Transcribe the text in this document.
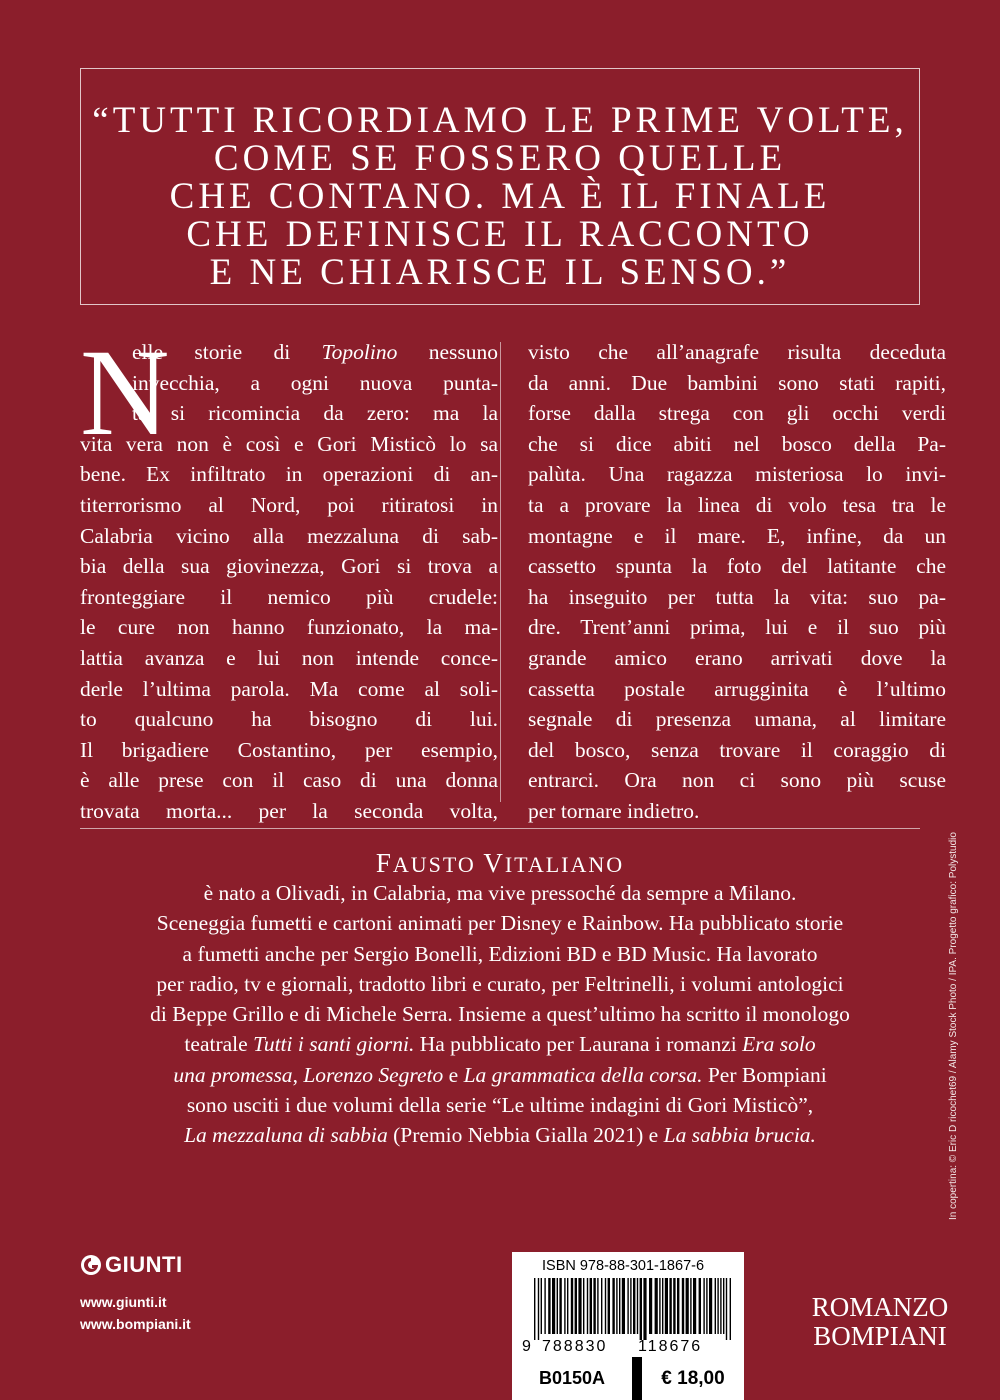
“TUTTI RICORDIAMO LE PRIME VOLTE,
COME SE FOSSERO QUELLE
CHE CONTANO. MA È IL FINALE
CHE DEFINISCE IL RACCONTO
E NE CHIARISCE IL SENSO.”
N
elle storie di Topolino nessuno
invecchia, a ogni nuova punta-
ta si ricomincia da zero: ma la
vita vera non è così e Gori Misticò lo sa
bene. Ex infiltrato in operazioni di an-
titerrorismo al Nord, poi ritiratosi in
Calabria vicino alla mezzaluna di sab-
bia della sua giovinezza, Gori si trova a
fronteggiare il nemico più crudele:
le cure non hanno funzionato, la ma-
lattia avanza e lui non intende conce-
derle l’ultima parola. Ma come al soli-
to qualcuno ha bisogno di lui.
Il brigadiere Costantino, per esempio,
è alle prese con il caso di una donna
trovata morta... per la seconda volta,
visto che all’anagrafe risulta deceduta
da anni. Due bambini sono stati rapiti,
forse dalla strega con gli occhi verdi
che si dice abiti nel bosco della Pa-
palùta. Una ragazza misteriosa lo invi-
ta a provare la linea di volo tesa tra le
montagne e il mare. E, infine, da un
cassetto spunta la foto del latitante che
ha inseguito per tutta la vita: suo pa-
dre. Trent’anni prima, lui e il suo più
grande amico erano arrivati dove la
cassetta postale arrugginita è l’ultimo
segnale di presenza umana, al limitare
del bosco, senza trovare il coraggio di
entrarci. Ora non ci sono più scuse
per tornare indietro.
FAUSTO VITALIANO
è nato a Olivadi, in Calabria, ma vive pressoché da sempre a Milano.
Sceneggia fumetti e cartoni animati per Disney e Rainbow. Ha pubblicato storie
a fumetti anche per Sergio Bonelli, Edizioni BD e BD Music. Ha lavorato
per radio, tv e giornali, tradotto libri e curato, per Feltrinelli, i volumi antologici
di Beppe Grillo e di Michele Serra. Insieme a quest’ultimo ha scritto il monologo
teatrale Tutti i santi giorni. Ha pubblicato per Laurana i romanzi Era solo
una promessa, Lorenzo Segreto e La grammatica della corsa. Per Bompiani
sono usciti i due volumi della serie “Le ultime indagini di Gori Misticò”,
La mezzaluna di sabbia (Premio Nebbia Gialla 2021) e La sabbia brucia.	In copertina: © Eric D ricochet69 / Alamy Stock Photo / IPA. Progetto grafico: Polystudio
GIUNTI
www.giunti.it
www.bompiani.it
ISBN 978-88-301-1867-6
9 788830 118676
B0150A	€ 18,00
ROMANZO
BOMPIANI
